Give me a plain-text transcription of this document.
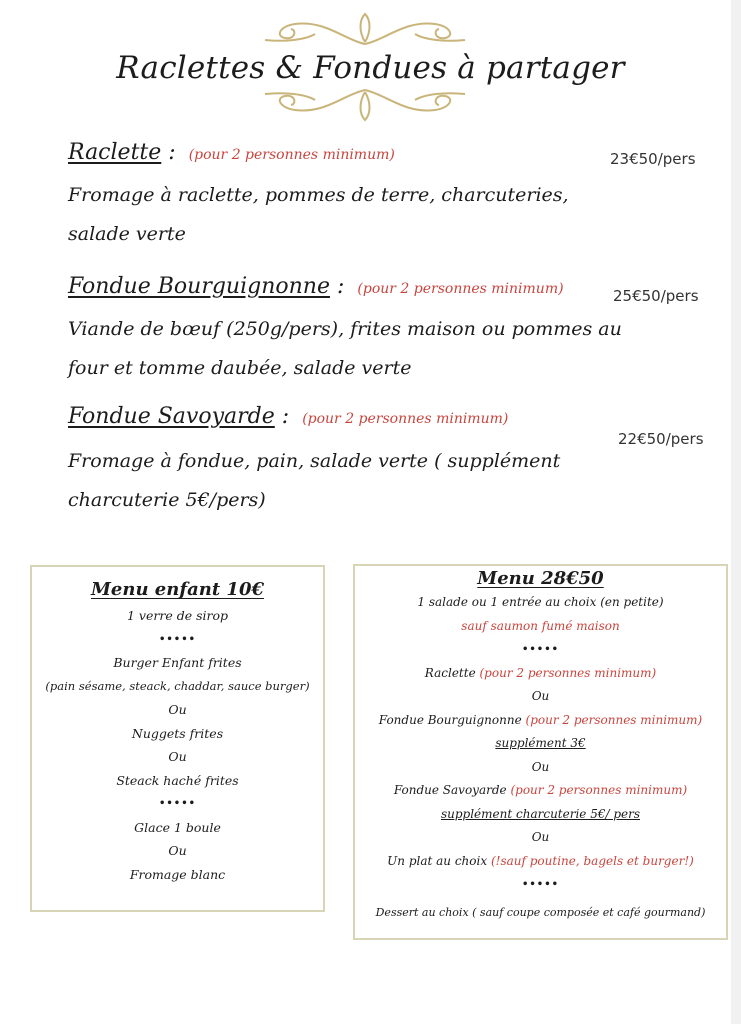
Raclettes & Fondues à partager
Raclette : (pour 2 personnes minimum)	23€50/pers
Fromage à raclette, pommes de terre, charcuteries,
salade verte
Fondue Bourguignonne : (pour 2 personnes minimum)	25€50/pers
Viande de bœuf (250g/pers), frites maison ou pommes au
four et tomme daubée, salade verte
Fondue Savoyarde : (pour 2 personnes minimum)
22€50/pers
Fromage à fondue, pain, salade verte ( supplément
charcuterie 5€/pers)
Menu enfant 10€
1 verre de sirop
•••••
Burger Enfant frites
(pain sésame, steack, chaddar, sauce burger)
Ou
Nuggets frites
Ou
Steack haché frites
•••••
Glace 1 boule
Ou
Fromage blanc
Menu 28€50
1 salade ou 1 entrée au choix (en petite)
sauf saumon fumé maison
•••••
Raclette (pour 2 personnes minimum)
Ou
Fondue Bourguignonne (pour 2 personnes minimum)
supplément 3€
Ou
Fondue Savoyarde (pour 2 personnes minimum)
supplément charcuterie 5€/ pers
Ou
Un plat au choix (!sauf poutine, bagels et burger!)
•••••
Dessert au choix ( sauf coupe composée et café gourmand)
